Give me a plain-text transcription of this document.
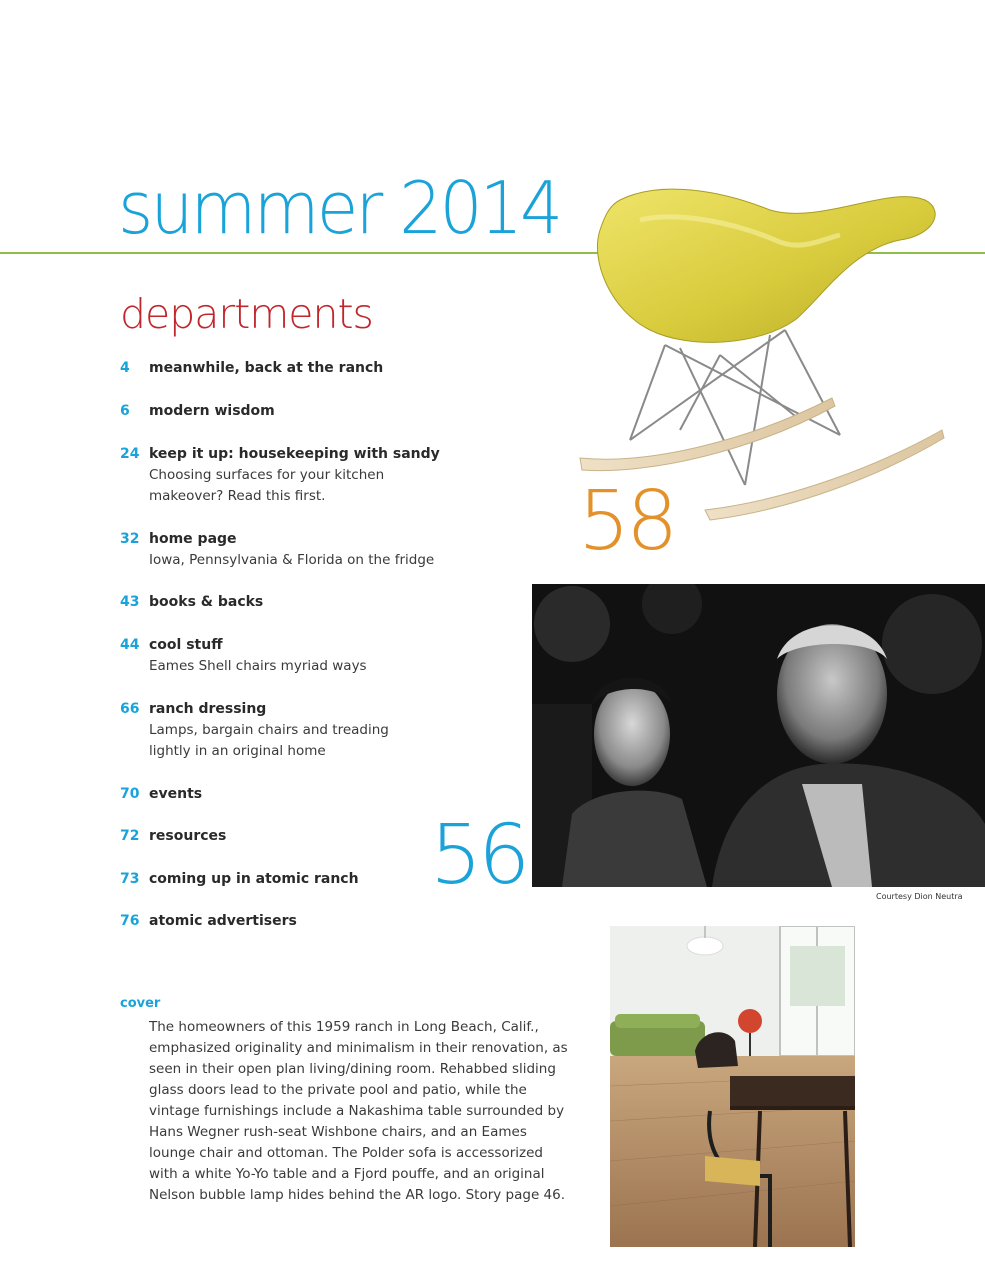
summer 2014
departments
4 meanwhile, back at the ranch
6 modern wisdom
24 keep it up: housekeeping with sandy
Choosing surfaces for your kitchen makeover? Read this first.
32 home page
Iowa, Pennsylvania & Florida on the fridge
43 books & backs
44 cool stuff
Eames Shell chairs myriad ways
66 ranch dressing
Lamps, bargain chairs and treading lightly in an original home
70 events
72 resources
73 coming up in atomic ranch
76 atomic advertisers
58
Courtesy Dion Neutra
56
cover
The homeowners of this 1959 ranch in Long Beach, Calif., emphasized originality and minimalism in their renovation, as seen in their open plan living/dining room. Rehabbed sliding glass doors lead to the private pool and patio, while the vintage furnishings include a Nakashima table surrounded by Hans Wegner rush-seat Wishbone chairs, and an Eames lounge chair and ottoman. The Polder sofa is accessorized with a white Yo-Yo table and a Fjord pouffe, and an original Nelson bubble lamp hides behind the AR logo. Story page 46.
